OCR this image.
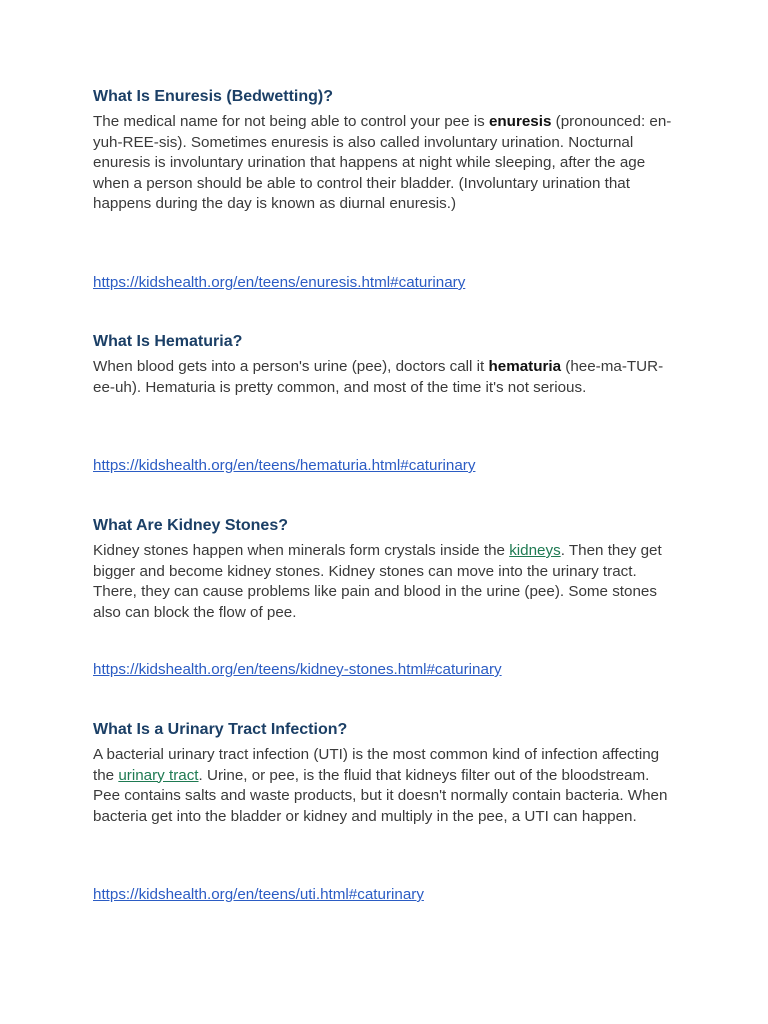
What Is Enuresis (Bedwetting)?

The medical name for not being able to control your pee is enuresis (pronounced: en-yuh-REE-sis). Sometimes enuresis is also called involuntary urination. Nocturnal enuresis is involuntary urination that happens at night while sleeping, after the age when a person should be able to control their bladder. (Involuntary urination that happens during the day is known as diurnal enuresis.)

https://kidshealth.org/en/teens/enuresis.html#caturinary
What Is Hematuria?

When blood gets into a person's urine (pee), doctors call it hematuria (hee-ma-TUR-ee-uh). Hematuria is pretty common, and most of the time it's not serious.

https://kidshealth.org/en/teens/hematuria.html#caturinary
What Are Kidney Stones?

Kidney stones happen when minerals form crystals inside the kidneys. Then they get bigger and become kidney stones. Kidney stones can move into the urinary tract. There, they can cause problems like pain and blood in the urine (pee). Some stones also can block the flow of pee.

https://kidshealth.org/en/teens/kidney-stones.html#caturinary
What Is a Urinary Tract Infection?

A bacterial urinary tract infection (UTI) is the most common kind of infection affecting the urinary tract. Urine, or pee, is the fluid that kidneys filter out of the bloodstream. Pee contains salts and waste products, but it doesn't normally contain bacteria. When bacteria get into the bladder or kidney and multiply in the pee, a UTI can happen.

https://kidshealth.org/en/teens/uti.html#caturinary
